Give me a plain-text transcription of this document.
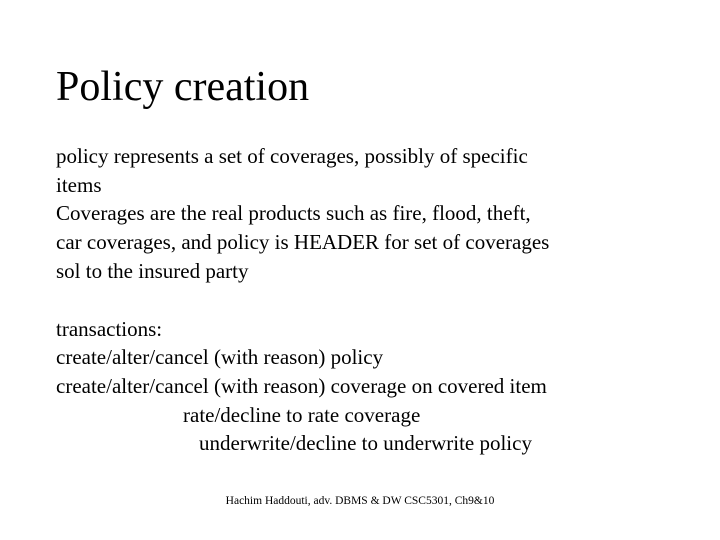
Policy creation
policy represents a set of coverages, possibly of specific
items
Coverages are the real products such as fire, flood, theft,
car coverages, and policy is HEADER for set of coverages
sol to the insured party
transactions:
create/alter/cancel (with reason) policy
create/alter/cancel (with reason) coverage on covered item
rate/decline to rate coverage
underwrite/decline to underwrite policy
Hachim Haddouti, adv. DBMS & DW CSC5301, Ch9&10
